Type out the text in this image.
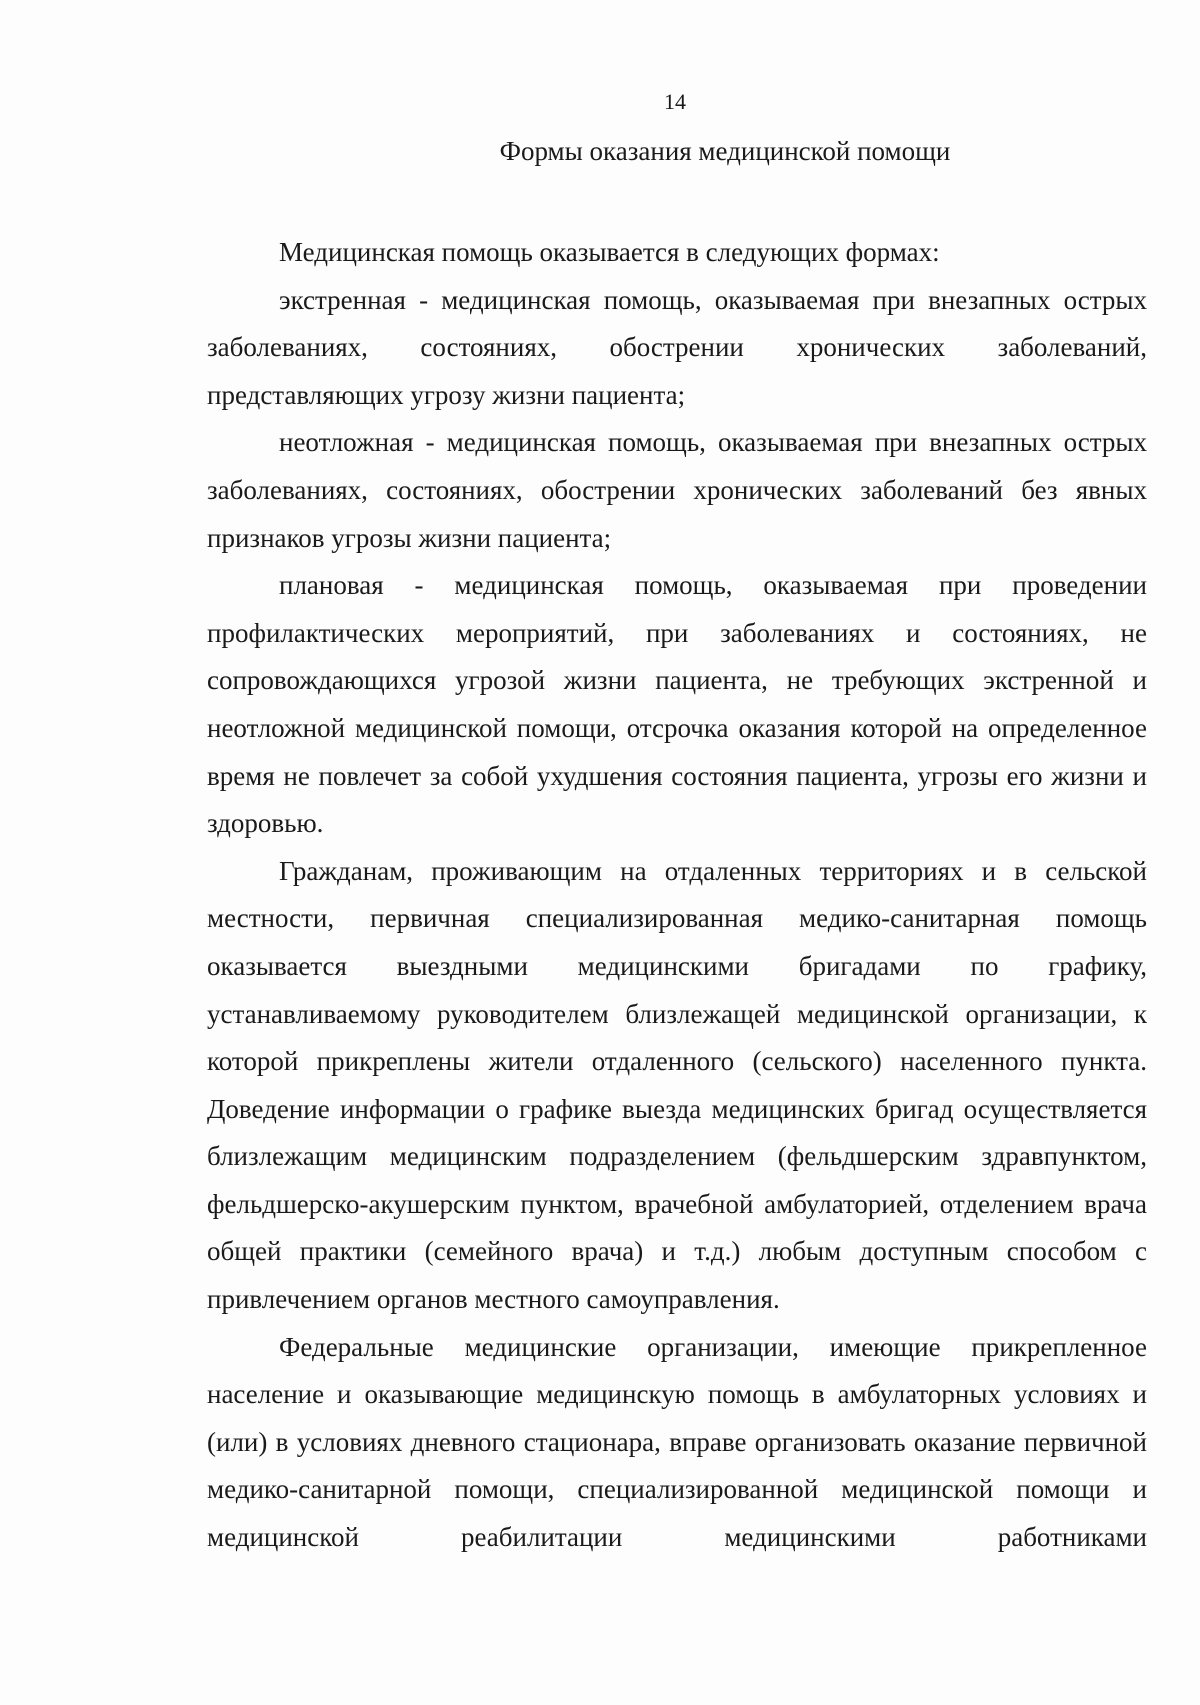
14
Формы оказания медицинской помощи

Медицинская помощь оказывается в следующих формах:

экстренная - медицинская помощь, оказываемая при внезапных острых заболеваниях, состояниях, обострении хронических заболеваний, представляющих угрозу жизни пациента;

неотложная - медицинская помощь, оказываемая при внезапных острых заболеваниях, состояниях, обострении хронических заболеваний без явных признаков угрозы жизни пациента;

плановая - медицинская помощь, оказываемая при проведении профилактических мероприятий, при заболеваниях и состояниях, не сопровождающихся угрозой жизни пациента, не требующих экстренной и неотложной медицинской помощи, отсрочка оказания которой на определенное время не повлечет за собой ухудшения состояния пациента, угрозы его жизни и здоровью.

Гражданам, проживающим на отдаленных территориях и в сельской местности, первичная специализированная медико-санитарная помощь оказывается выездными медицинскими бригадами по графику, устанавливаемому руководителем близлежащей медицинской организации, к которой прикреплены жители отдаленного (сельского) населенного пункта. Доведение информации о графике выезда медицинских бригад осуществляется близлежащим медицинским подразделением (фельдшерским здравпунктом, фельдшерско-акушерским пунктом, врачебной амбулаторией, отделением врача общей практики (семейного врача) и т.д.) любым доступным способом с привлечением органов местного самоуправления.

Федеральные медицинские организации, имеющие прикрепленное население и оказывающие медицинскую помощь в амбулаторных условиях и (или) в условиях дневного стационара, вправе организовать оказание первичной медико-санитарной помощи, специализированной медицинской помощи и медицинской реабилитации медицинскими работниками
